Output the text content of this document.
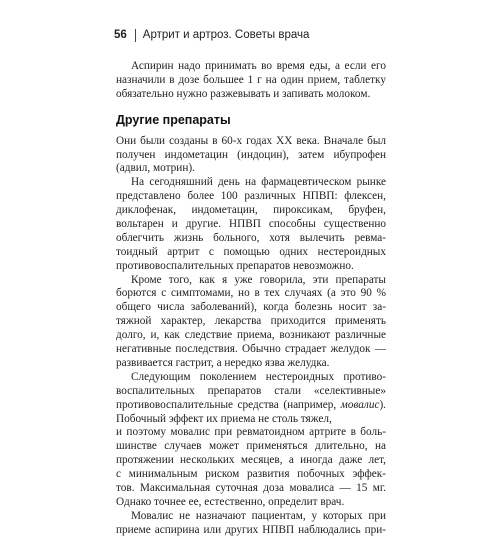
56 Артрит и артроз. Советы врача

Аспирин надо принимать во время еды, а если его
назначили в дозе большее 1 г на один прием, таблетку
обязательно нужно разжевывать и запивать молоком.

Другие препараты

Они были созданы в 60-х годах XX века. Вначале был
получен индометацин (индоцин), затем ибупрофен
(адвил, мотрин).

На сегодняшний день на фармацевтическом рынке
представлено более 100 различных НПВП: флексен,
диклофенак, индометацин, пироксикам, бруфен,
вольтарен и другие. НПВП способны существенно
облегчить жизнь больного, хотя вылечить ревма-
тоидный артрит с помощью одних нестероидных
противовоспалительных препаратов невозможно.

Кроме того, как я уже говорила, эти препараты
борются с симптомами, но в тех случаях (а это 90 %
общего числа заболеваний), когда болезнь носит за-
тяжной характер, лекарства приходится применять
долго, и, как следствие приема, возникают различные
негативные последствия. Обычно страдает желудок —
развивается гастрит, а нередко язва желудка.

Следующим поколением нестероидных противо-
воспалительных препаратов стали «селективные»
противовоспалительные средства (например, мовалис). Побочный эффект их приема не столь тяжел,
и поэтому мовалис при ревматоидном артрите в боль-
шинстве случаев может применяться длительно, на
протяжении нескольких месяцев, а иногда даже лет,
с минимальным риском развития побочных эффек-
тов. Максимальная суточная доза мовалиса — 15 мг.
Однако точнее ее, естественно, определит врач.

Мовалис не назначают пациентам, у которых при
приеме аспирина или других НПВП наблюдались при-
